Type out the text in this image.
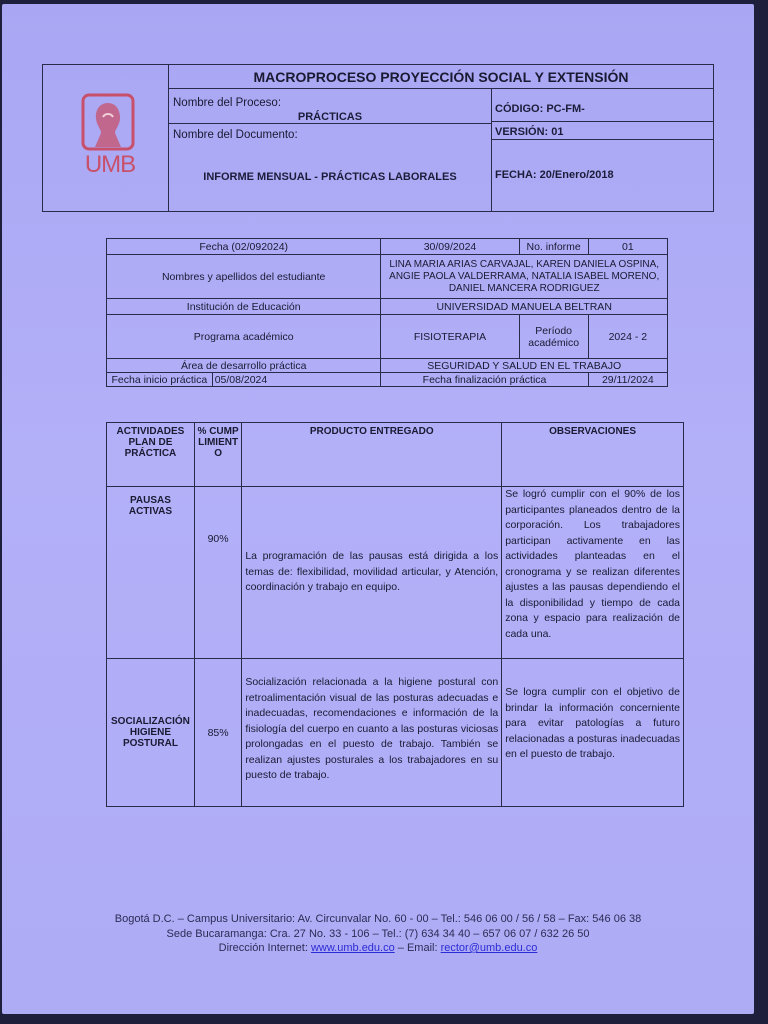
UMB
MACROPROCESO PROYECCIÓN SOCIAL Y EXTENSIÓN
Nombre del Proceso:
PRÁCTICAS
Nombre del Documento:
INFORME MENSUAL - PRÁCTICAS LABORALES
CÓDIGO: PC-FM-
VERSIÓN: 01
FECHA: 20/Enero/2018
Fecha (02/092024)		30/09/2024	No. informe	01
Nombres y apellidos del estudiante		LINA MARIA ARIAS CARVAJAL, KAREN DANIELA OSPINA, ANGIE PAOLA VALDERRAMA, NATALIA ISABEL MORENO, DANIEL MANCERA RODRIGUEZ		
Institución de Educación		UNIVERSIDAD MANUELA BELTRAN		
Programa académico		FISIOTERAPIA	Período académico	2024 - 2
Área de desarrollo práctica		SEGURIDAD Y SALUD EN EL TRABAJO		
Fecha inicio práctica	05/08/2024	Fecha finalización práctica		29/11/2024
ACTIVIDADES PLAN DE PRÁCTICA	% CUMPLIMIENTO	PRODUCTO ENTREGADO	OBSERVACIONES
PAUSAS ACTIVAS	90%	La programación de las pausas está dirigida a los temas de: flexibilidad, movilidad articular, y Atención, coordinación y trabajo en equipo.	Se logró cumplir con el 90% de los participantes planeados dentro de la corporación. Los trabajadores participan activamente en las actividades planteadas en el cronograma y se realizan diferentes ajustes a las pausas dependiendo el la disponibilidad y tiempo de cada zona y espacio para realización de cada una.
SOCIALIZACIÓN HIGIENE POSTURAL	85%	Socialización relacionada a la higiene postural con retroalimentación visual de las posturas adecuadas e inadecuadas, recomendaciones e información de la fisiología del cuerpo en cuanto a las posturas viciosas prolongadas en el puesto de trabajo. También se realizan ajustes posturales a los trabajadores en su puesto de trabajo.	Se logra cumplir con el objetivo de brindar la información concerniente para evitar patologías a futuro relacionadas a posturas inadecuadas en el puesto de trabajo.
Bogotá D.C. – Campus Universitario: Av. Circunvalar No. 60 - 00 – Tel.: 546 06 00 / 56 / 58 – Fax: 546 06 38
Sede Bucaramanga: Cra. 27 No. 33 - 106 – Tel.: (7) 634 34 40 – 657 06 07 / 632 26 50
Dirección Internet: www.umb.edu.co – Email: rector@umb.edu.co
